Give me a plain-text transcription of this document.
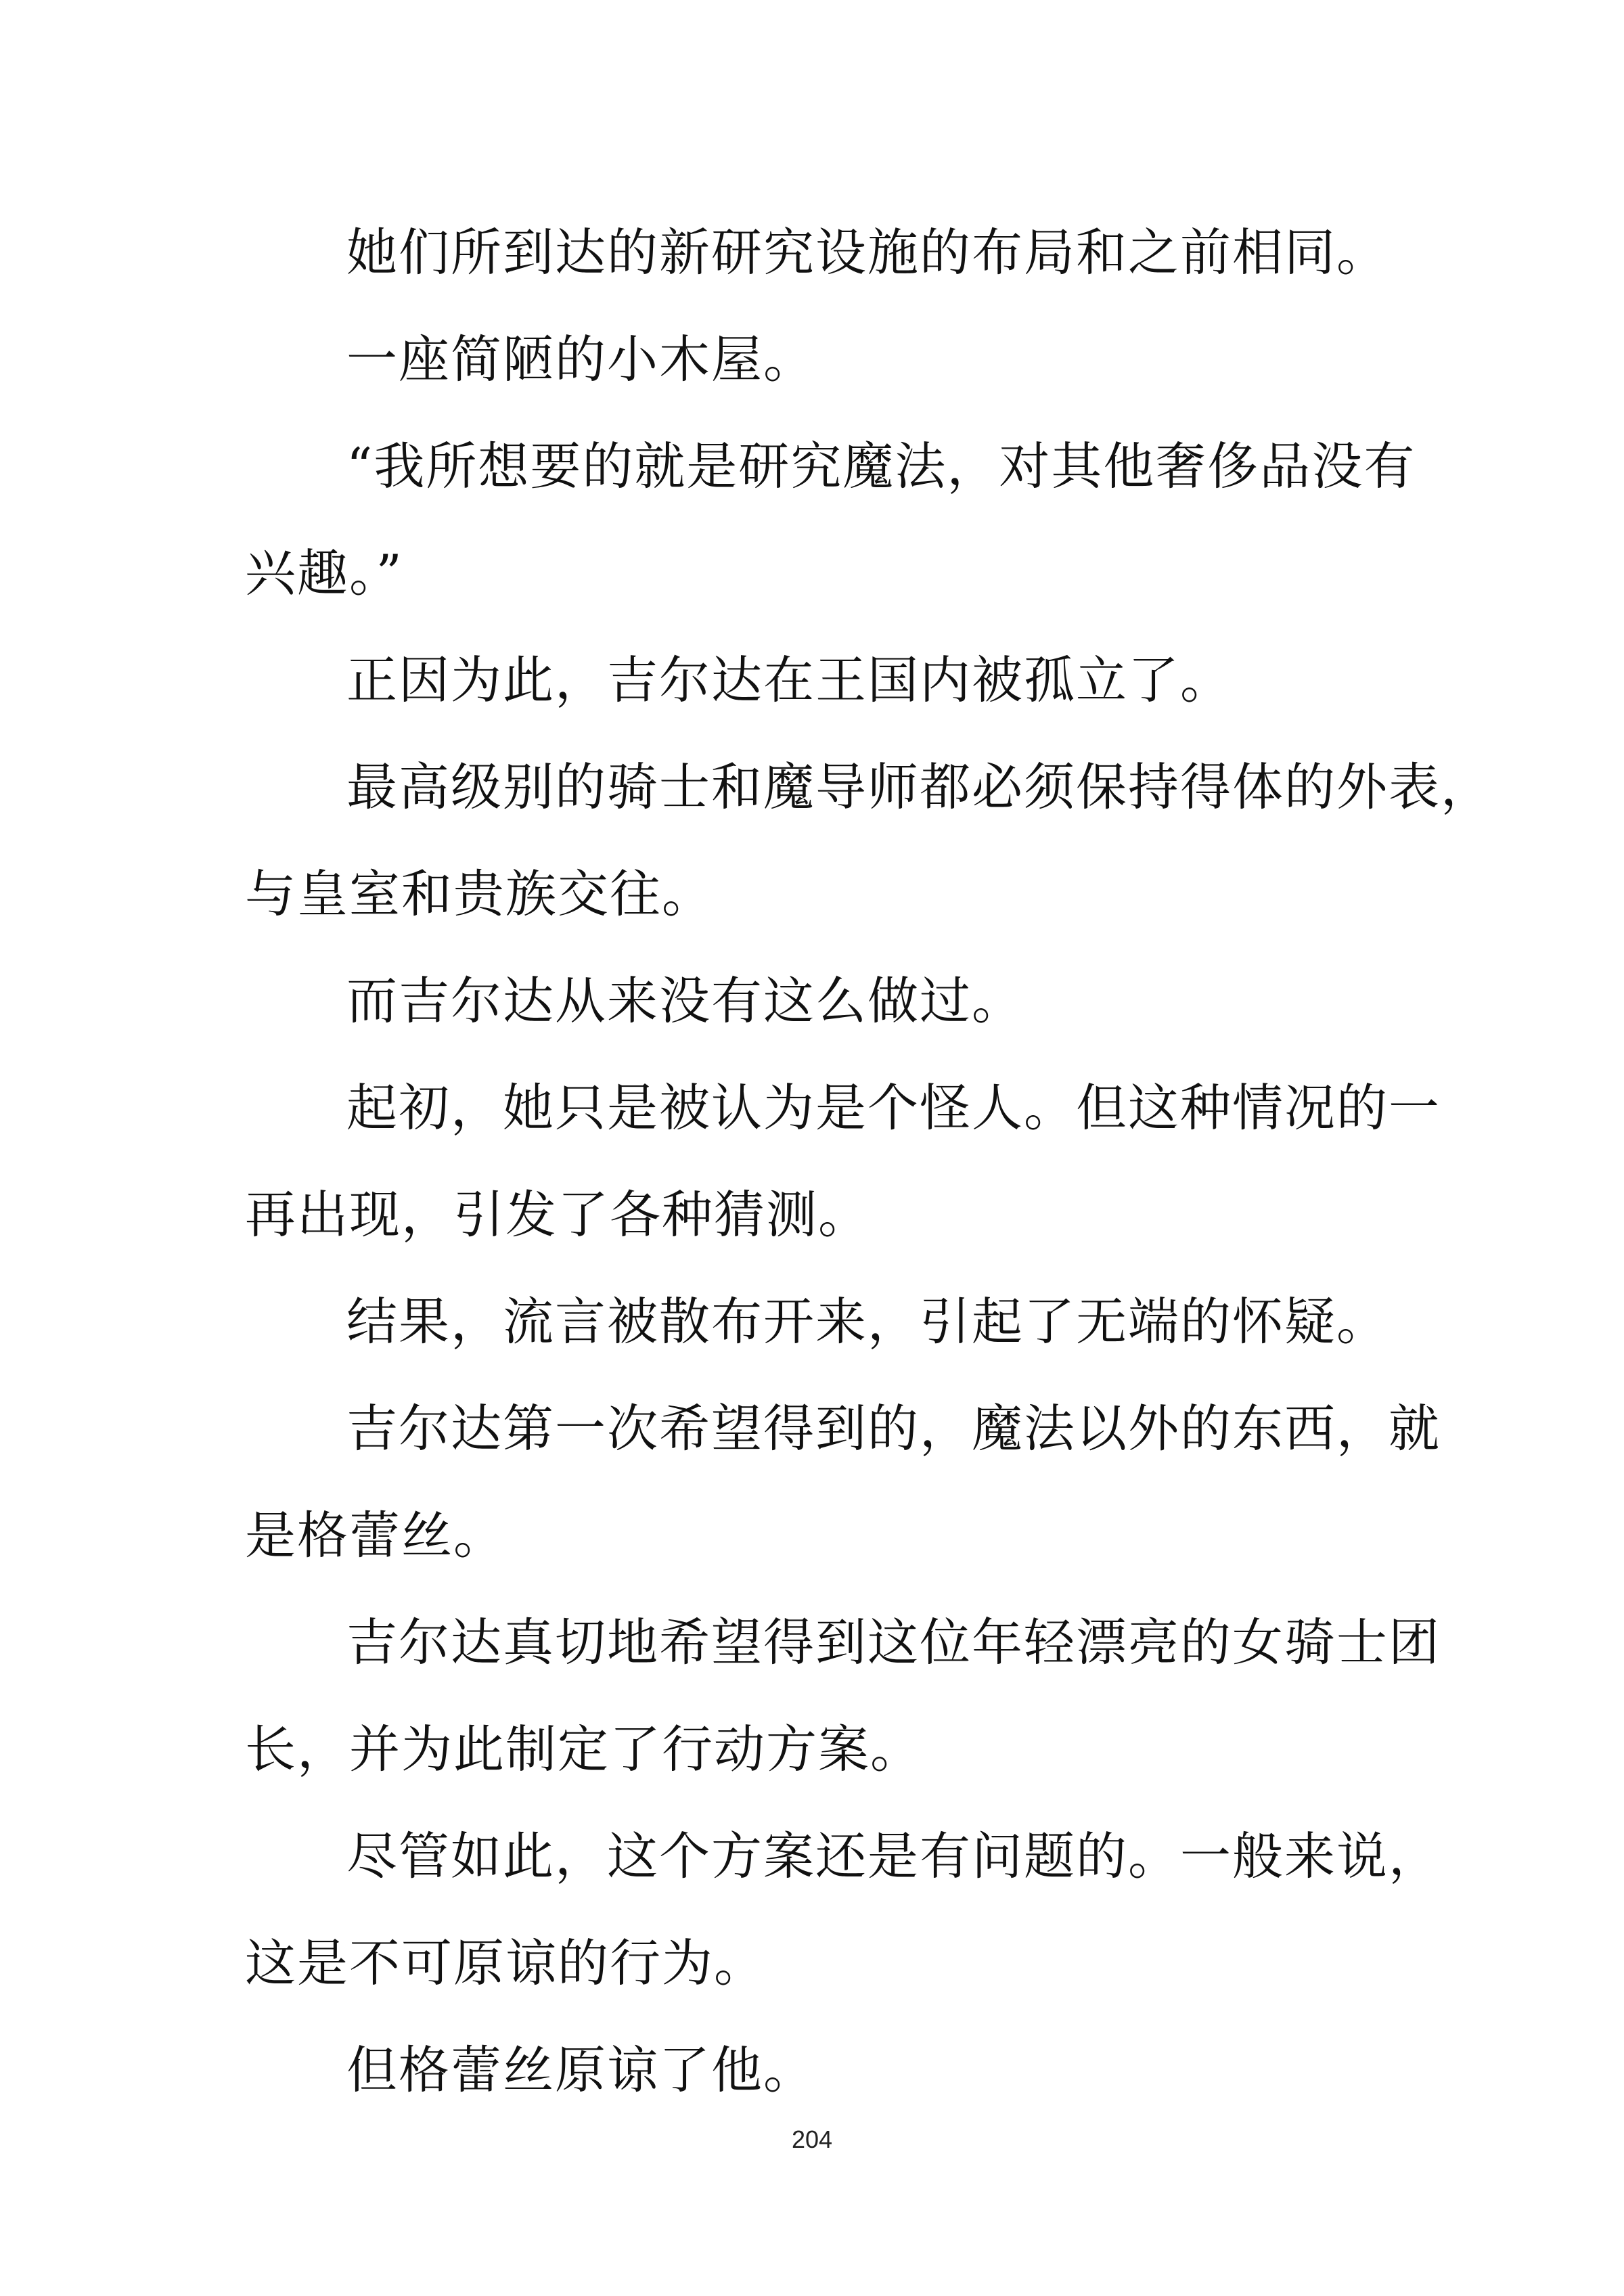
她们所到达的新研究设施的布局和之前相同。

一座简陋的小木屋。

“我所想要的就是研究魔法，对其他奢侈品没有

兴趣。”

正因为此，吉尔达在王国内被孤立了。

最高级别的骑士和魔导师都必须保持得体的外表，

与皇室和贵族交往。

而吉尔达从来没有这么做过。

起初，她只是被认为是个怪人。但这种情况的一

再出现，引发了各种猜测。

结果，流言被散布开来，引起了无端的怀疑。

吉尔达第一次希望得到的，魔法以外的东西，就

是格蕾丝。

吉尔达真切地希望得到这位年轻漂亮的女骑士团

长，并为此制定了行动方案。

尽管如此，这个方案还是有问题的。一般来说，

这是不可原谅的行为。

但格蕾丝原谅了他。

204
